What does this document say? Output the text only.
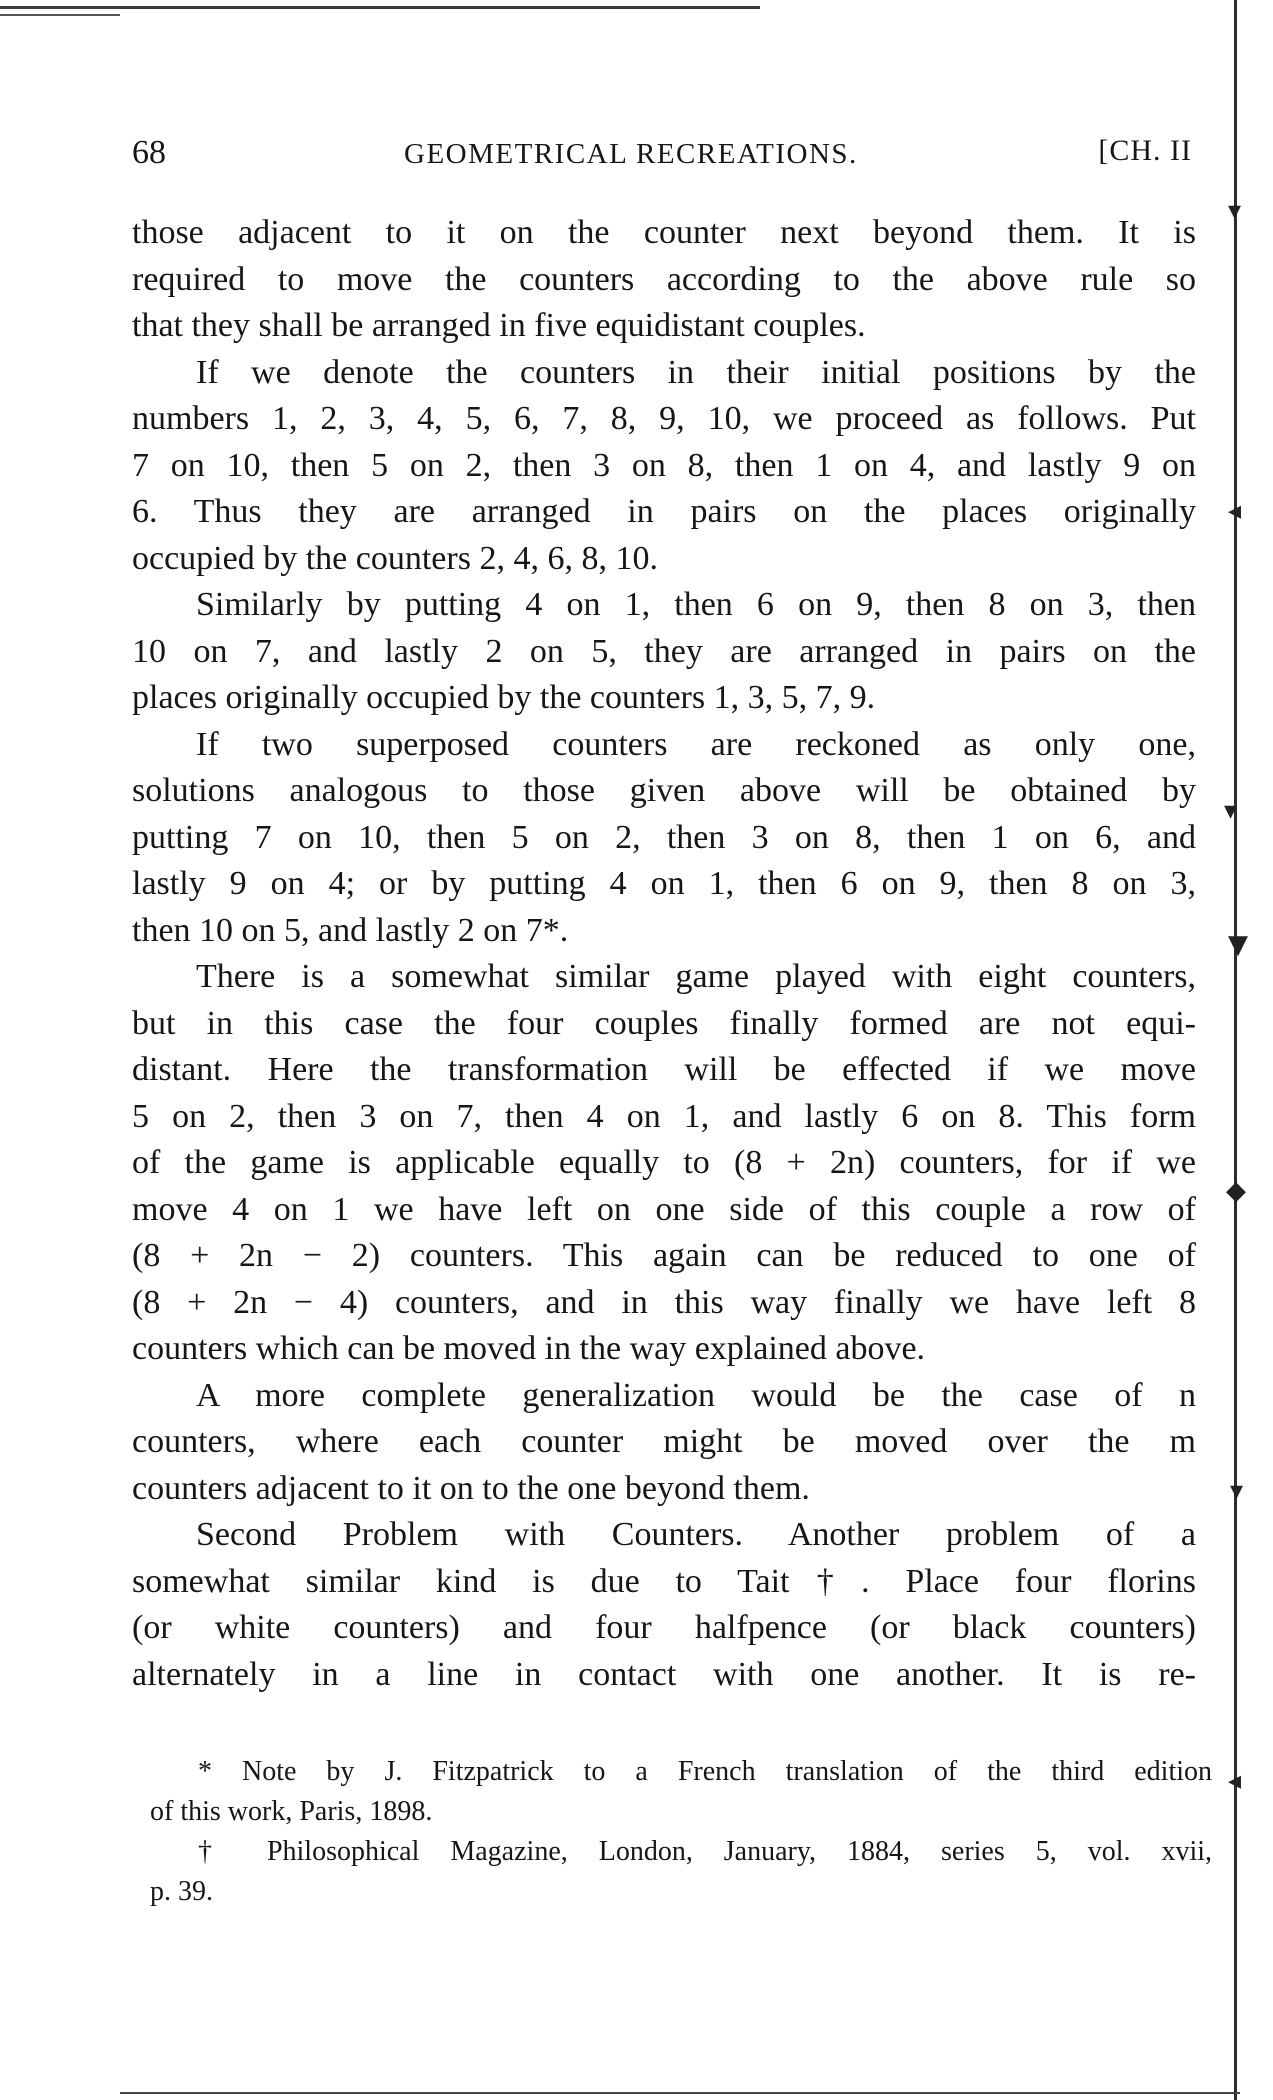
▾
◂
▾
▼
◆
▾
◂
68	GEOMETRICAL RECREATIONS.	[CH. II
those adjacent to it on the counter next beyond them. It is
required to move the counters according to the above rule so
that they shall be arranged in five equidistant couples.
If we denote the counters in their initial positions by the
numbers 1, 2, 3, 4, 5, 6, 7, 8, 9, 10, we proceed as follows. Put
7 on 10, then 5 on 2, then 3 on 8, then 1 on 4, and lastly 9 on
6. Thus they are arranged in pairs on the places originally
occupied by the counters 2, 4, 6, 8, 10.
Similarly by putting 4 on 1, then 6 on 9, then 8 on 3, then
10 on 7, and lastly 2 on 5, they are arranged in pairs on the
places originally occupied by the counters 1, 3, 5, 7, 9.
If two superposed counters are reckoned as only one,
solutions analogous to those given above will be obtained by
putting 7 on 10, then 5 on 2, then 3 on 8, then 1 on 6, and
lastly 9 on 4; or by putting 4 on 1, then 6 on 9, then 8 on 3,
then 10 on 5, and lastly 2 on 7*.
There is a somewhat similar game played with eight counters,
but in this case the four couples finally formed are not equi-
distant. Here the transformation will be effected if we move
5 on 2, then 3 on 7, then 4 on 1, and lastly 6 on 8. This form
of the game is applicable equally to (8 + 2n) counters, for if we
move 4 on 1 we have left on one side of this couple a row of
(8 + 2n − 2) counters. This again can be reduced to one of
(8 + 2n − 4) counters, and in this way finally we have left 8
counters which can be moved in the way explained above.
A more complete generalization would be the case of n
counters, where each counter might be moved over the m
counters adjacent to it on to the one beyond them.
Second Problem with Counters. Another problem of a
somewhat similar kind is due to Tait†. Place four florins
(or white counters) and four halfpence (or black counters)
alternately in a line in contact with one another. It is re-
* Note by J. Fitzpatrick to a French translation of the third edition
of this work, Paris, 1898.
† Philosophical Magazine, London, January, 1884, series 5, vol. xvii,
p. 39.
